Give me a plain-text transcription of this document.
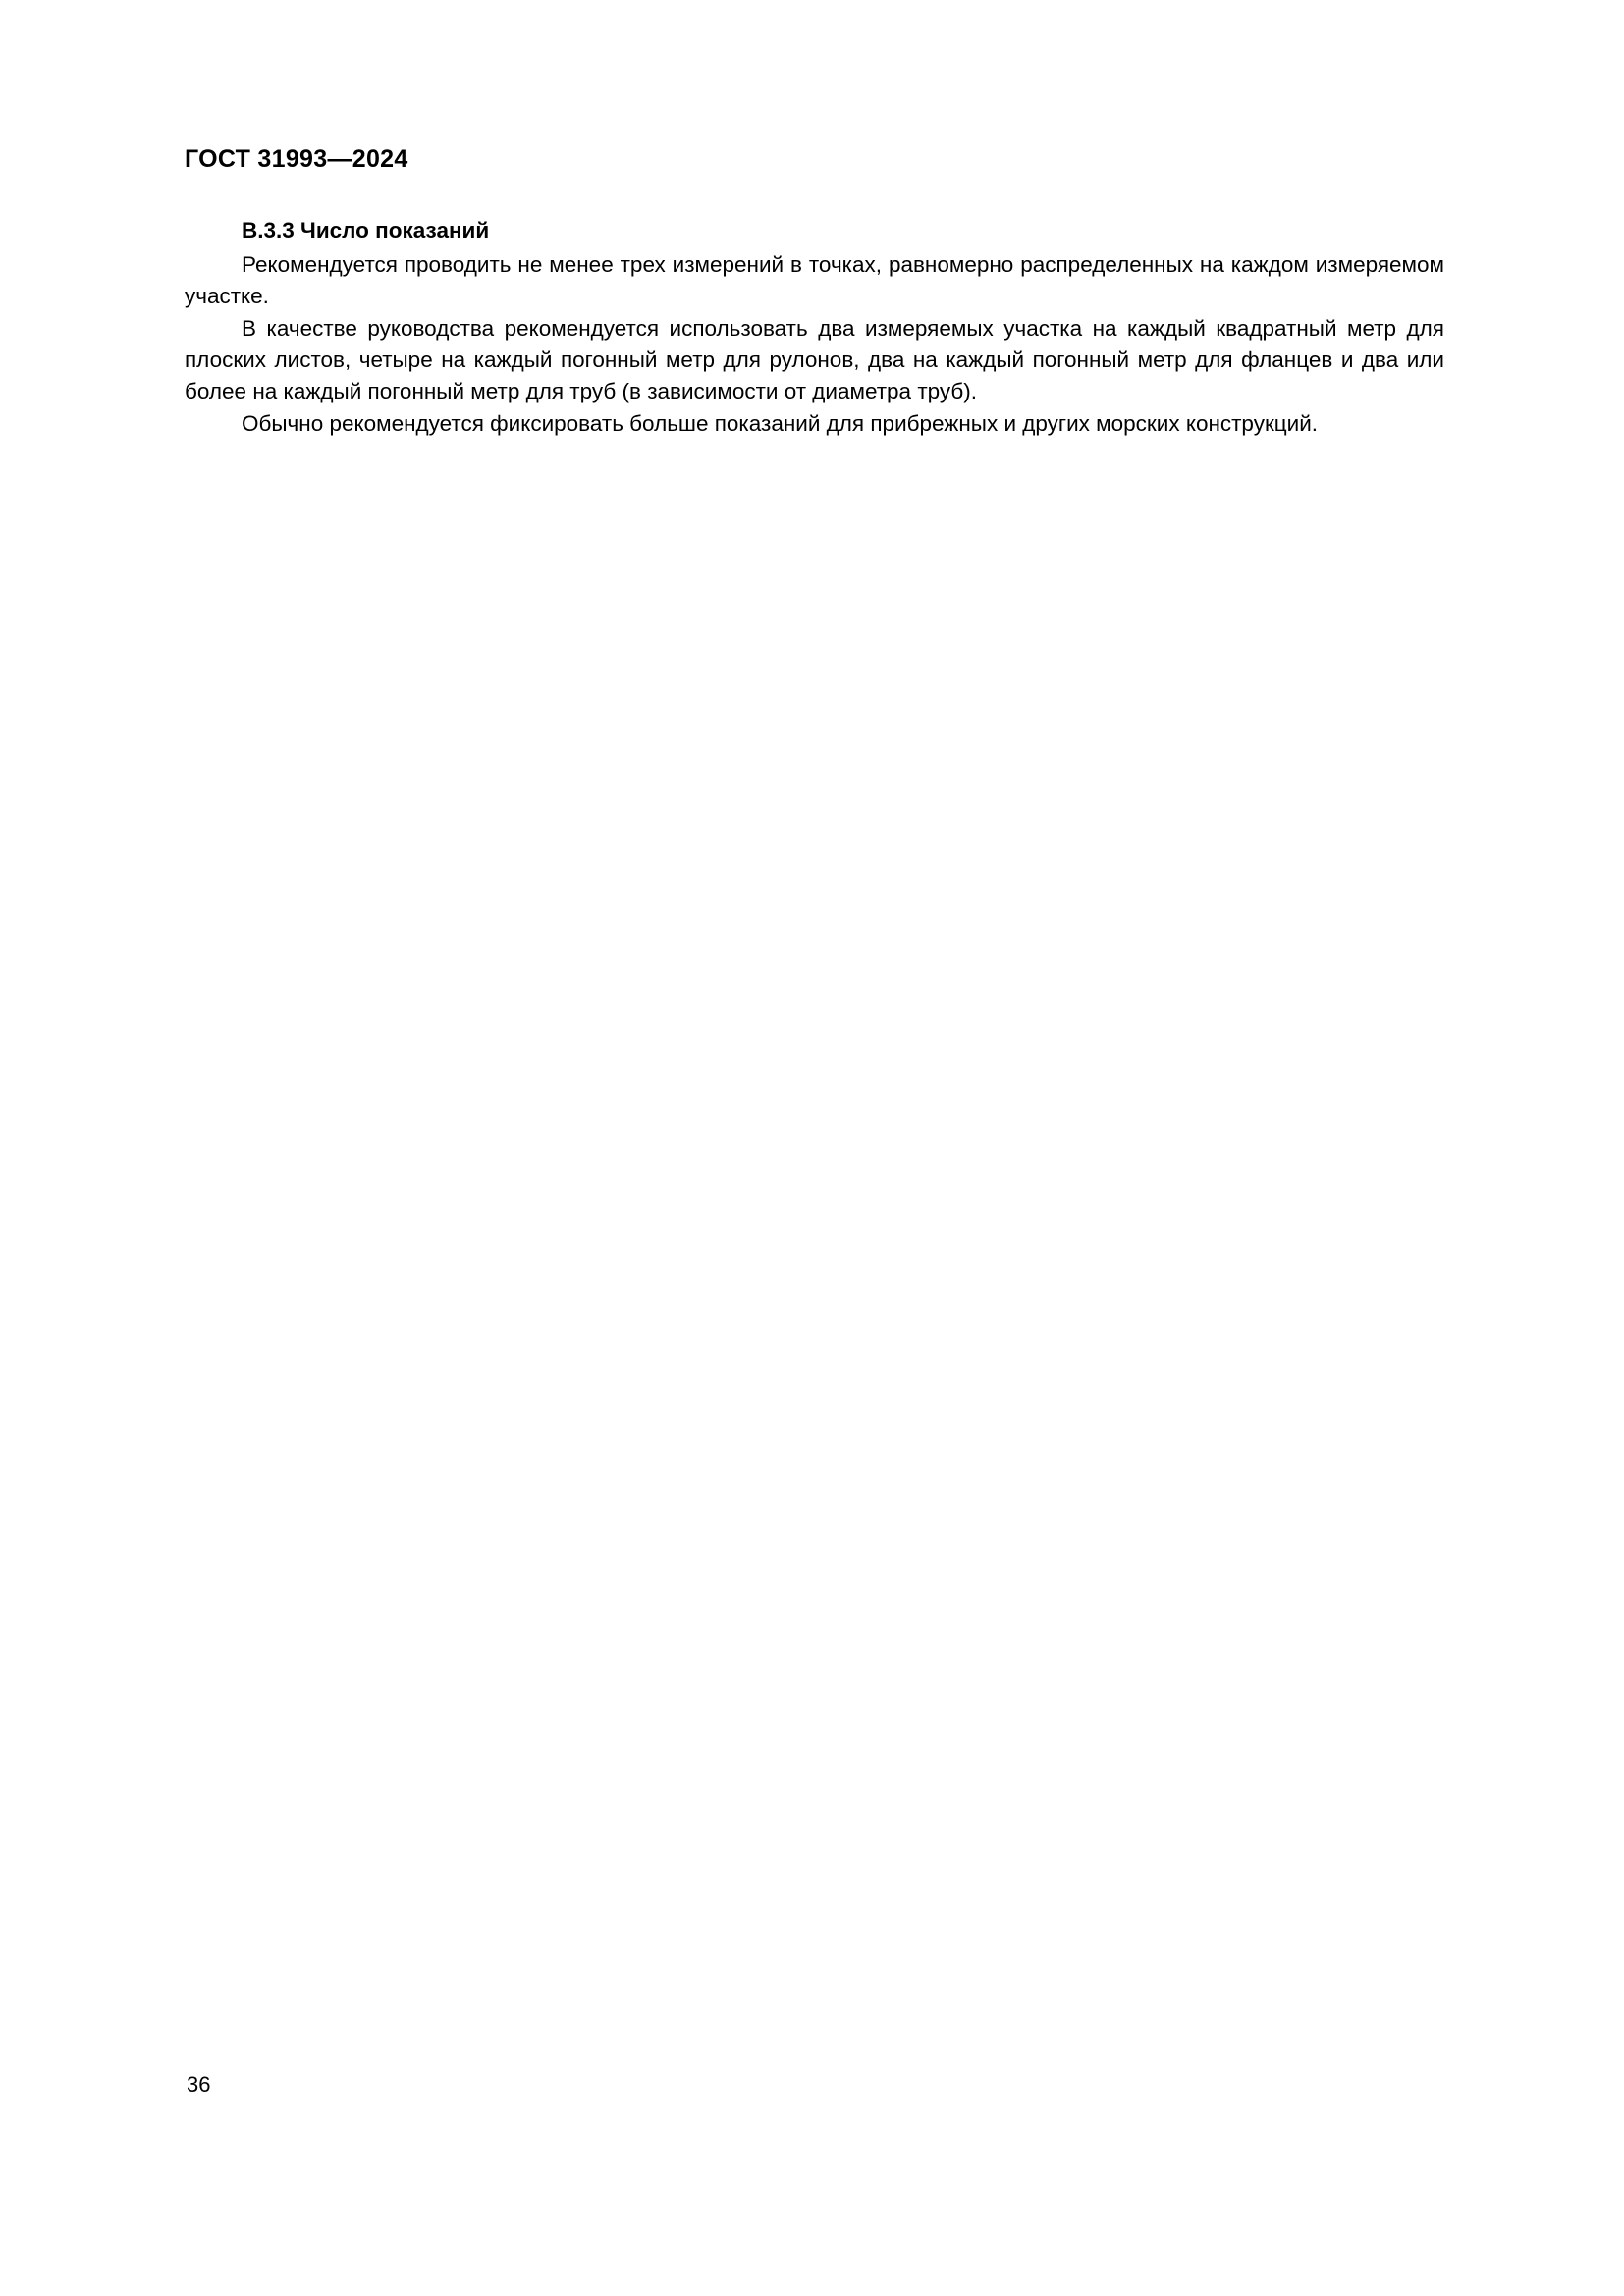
ГОСТ 31993—2024
В.3.3 Число показаний

Рекомендуется проводить не менее трех измерений в точках, равномерно распределенных на каждом измеряемом участке.

В качестве руководства рекомендуется использовать два измеряемых участка на каждый квадратный метр для плоских листов, четыре на каждый погонный метр для рулонов, два на каждый погонный метр для фланцев и два или более на каждый погонный метр для труб (в зависимости от диаметра труб).

Обычно рекомендуется фиксировать больше показаний для прибрежных и других морских конструкций.

36
